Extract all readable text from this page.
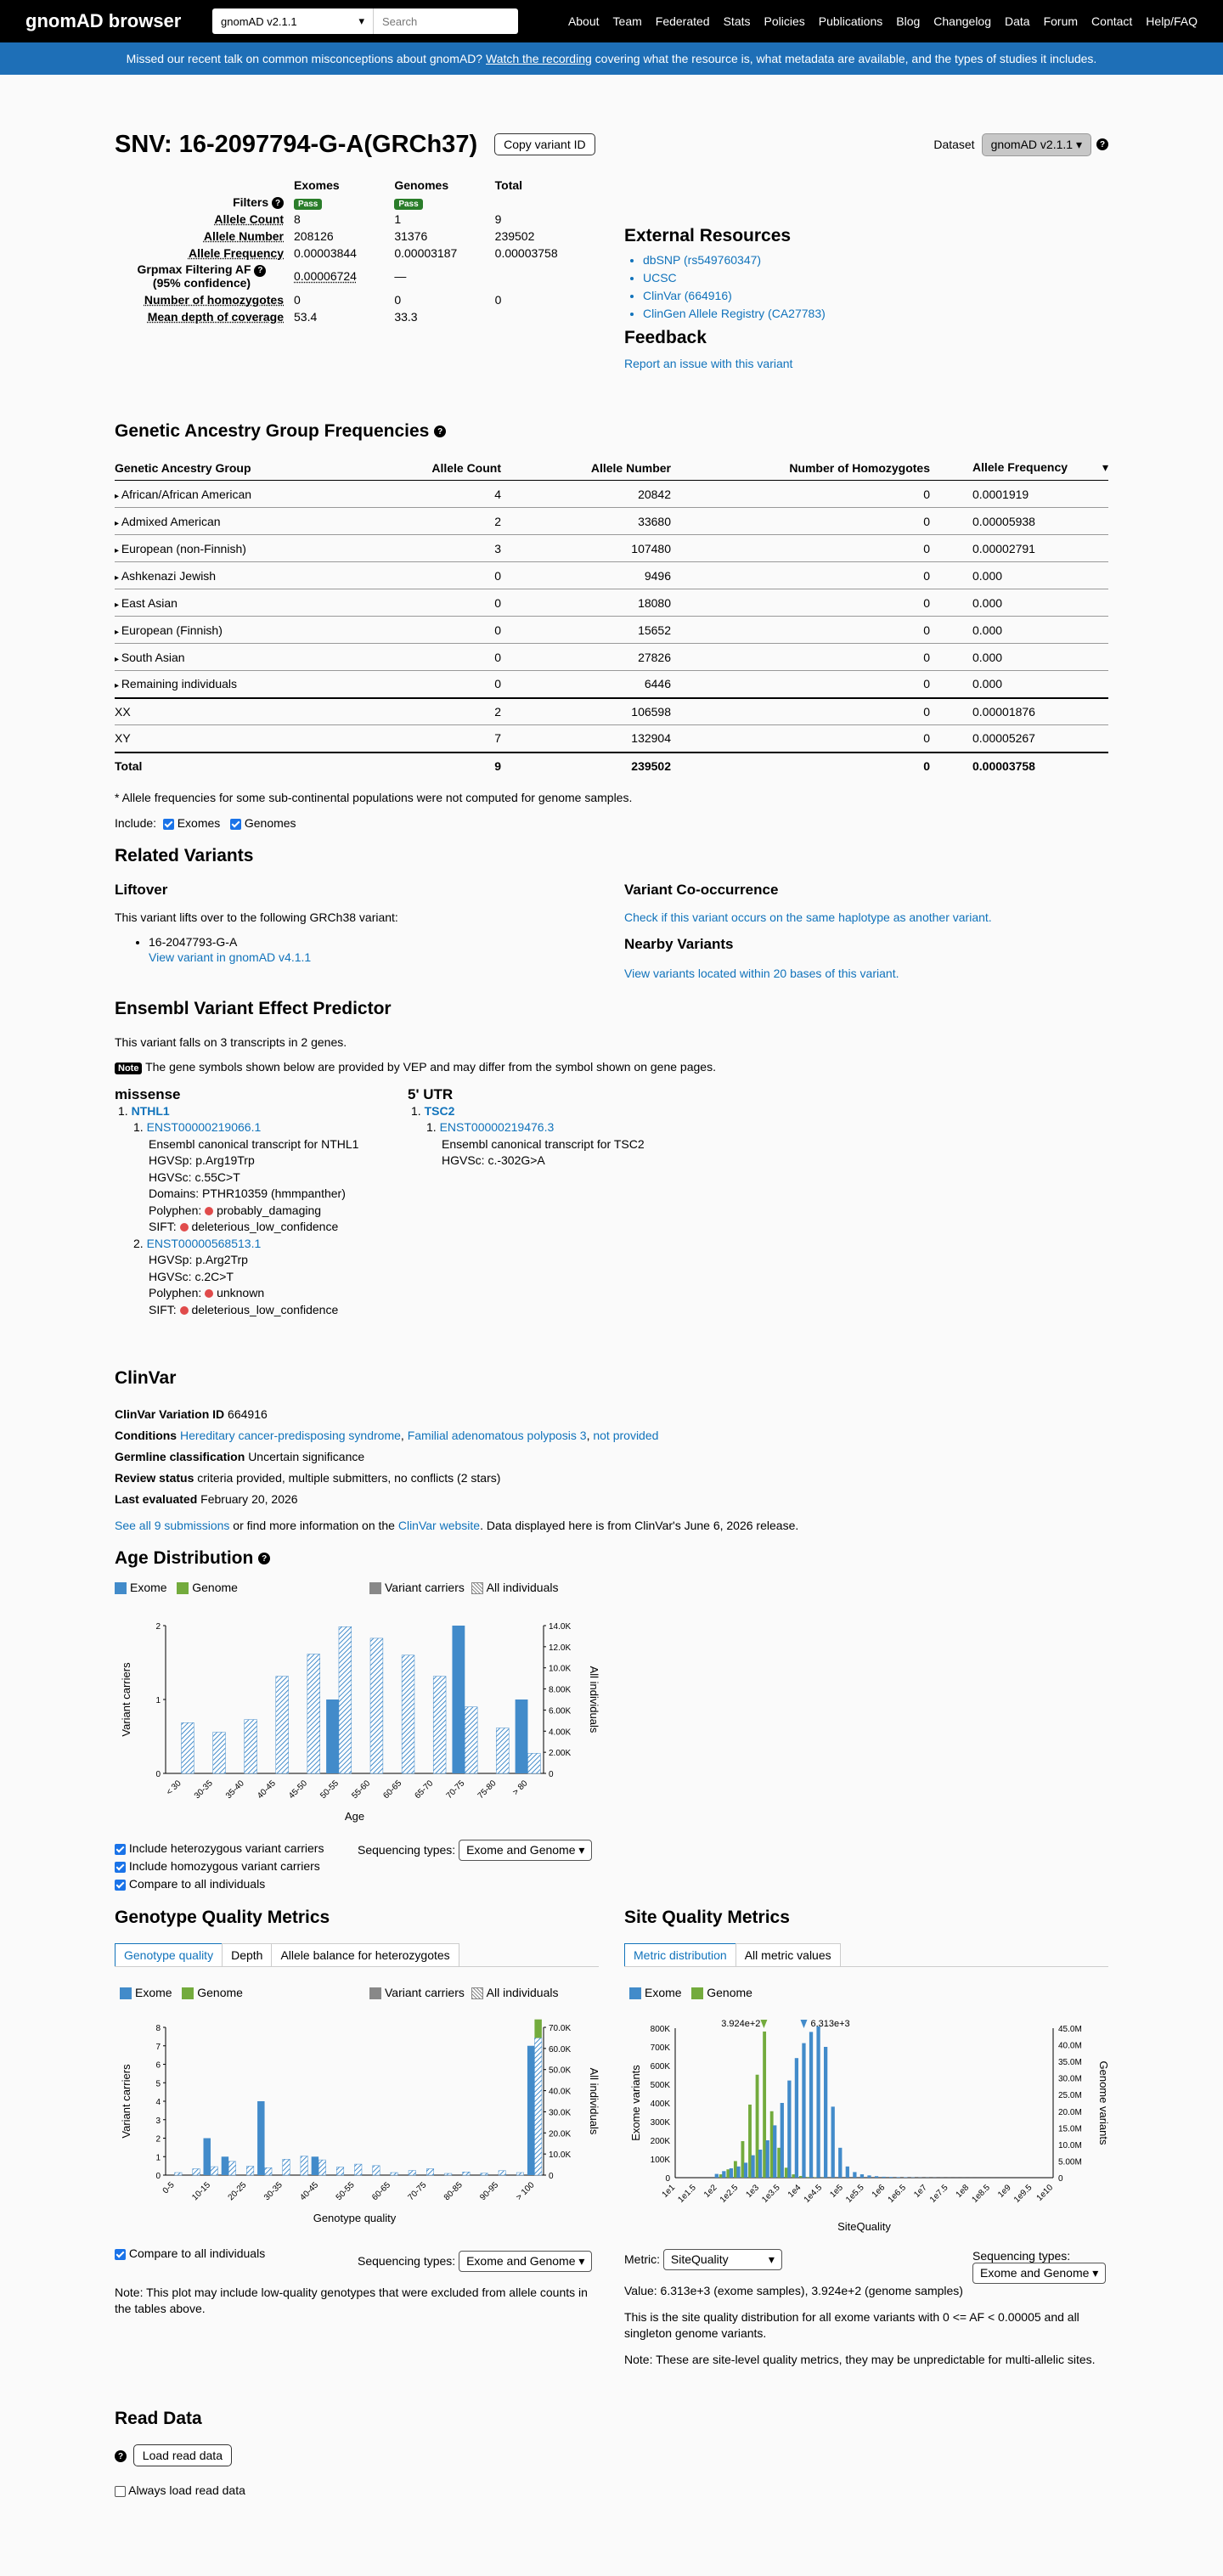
gnomAD browser	gnomAD v2.1.1	▾	Search	About Team Federated Stats Policies Publications Blog Changelog Data Forum Contact Help/FAQ
Missed our recent talk on common misconceptions about gnomAD?
Watch the recording
covering what the resource is, what metadata are available, and the types of studies it includes.
SNV: 16-2097794-G-A(GRCh37)	Copy variant ID	Dataset	gnomAD v2.1.1 ▾	?
	Exomes	Genomes	Total
Filters ?	Pass	Pass	
Allele Count	8	1	9
Allele Number	208126	31376	239502
Allele Frequency	0.00003844	0.00003187	0.00003758
Grpmax Filtering AF ?
(95% confidence)	0.00006724	—	
Number of homozygotes	0	0	0
Mean depth of coverage	53.4	33.3	
External Resources
• dbSNP (rs549760347)
• UCSC
• ClinVar (664916)
• ClinGen Allele Registry (CA27783)
Feedback
Report an issue with this variant
Genetic Ancestry Group Frequencies ?
Genetic Ancestry Group	Allele Count	Allele Number	Number of Homozygotes	Allele Frequency ▾

▸ African/African American	4	20842	0	0.0001919
▸ Admixed American	2	33680	0	0.00005938
▸ European (non-Finnish)	3	107480	0	0.00002791
▸ Ashkenazi Jewish	0	9496	0	0.000
▸ East Asian	0	18080	0	0.000
▸ European (Finnish)	0	15652	0	0.000
▸ South Asian	0	27826	0	0.000
▸ Remaining individuals	0	6446	0	0.000
XX	2	106598	0	0.00001876
XY	7	132904	0	0.00005267
Total	9	239502	0	0.00003758
* Allele frequencies for some sub-continental populations were not computed for genome samples.
Include: Exomes Genomes
Related Variants
Liftover
This variant lifts over to the following GRCh38 variant:
• 16-2047793-G-A
View variant in gnomAD v4.1.1
Variant Co-occurrence
Check if this variant occurs on the same haplotype as another variant.
Nearby Variants
View variants located within 20 bases of this variant.
Ensembl Variant Effect Predictor
This variant falls on 3 transcripts in 2 genes.
Note The gene symbols shown below are provided by VEP and may differ from the symbol shown on gene pages.
missense
1. NTHL1
1. ENST00000219066.1
Ensembl canonical transcript for NTHL1
HGVSp: p.Arg19Trp
HGVSc: c.55C>T
Domains: PTHR10359 (hmmpanther)
Polyphen: probably_damaging
SIFT: deleterious_low_confidence
2. ENST00000568513.1
HGVSp: p.Arg2Trp
HGVSc: c.2C>T
Polyphen: unknown
SIFT: deleterious_low_confidence
5' UTR
1. TSC2
1. ENST00000219476.3
Ensembl canonical transcript for TSC2
HGVSc: c.-302G>A
ClinVar
ClinVar Variation ID 664916
Conditions Hereditary cancer-predisposing syndrome, Familial adenomatous polyposis 3, not provided
Germline classification Uncertain significance
Review status criteria provided, multiple submitters, no conflicts (2 stars)
Last evaluated February 20, 2026
See all 9 submissions or find more information on the ClinVar website. Data displayed here is from ClinVar's June 6, 2026 release.
Age Distribution ?
Exome Genome	Variant carriers All individuals
0
1
2
0
2.00K
4.00K
6.00K
8.00K
10.0K
12.0K
14.0K
< 30 30-35 35-40 40-45 45-50 50-55 55-60 60-65 65-70 70-75 75-80 > 80
Age
Variant carriers	All individuals
Include heterozygous variant carriers
Include homozygous variant carriers
Compare to all individuals
Sequencing types: Exome and Genome ▾
Genotype Quality Metrics
Genotype quality	Depth	Allele balance for heterozygotes
Exome Genome	Variant carriers All individuals
0
1
2
3
4
5
6
7
8
0
10.0K
20.0K
30.0K
40.0K
50.0K
60.0K
70.0K
0-5 10-15 20-25 30-35 40-45 50-55 60-65 70-75 80-85 90-95 > 100
Genotype quality
Variant carriers	All individuals
Compare to all individuals
Sequencing types: Exome and Genome ▾
Note: This plot may include low-quality genotypes that were excluded from allele counts in the tables above.
Site Quality Metrics
Metric distribution	All metric values
Exome Genome
0
100K
200K
300K
400K
500K
600K
700K
800K
0
5.00M
10.0M
15.0M
20.0M
25.0M
30.0M
35.0M
40.0M
45.0M
1e1 1e1.5 1e2 1e2.5 1e3 1e3.5 1e4 1e4.5 1e5 1e5.5 1e6 1e6.5 1e7 1e7.5 1e8 1e8.5 1e9 1e9.5 1e10
3.924e+2	6.313e+3
SiteQuality
Exome variants	Genome variants
Metric: SiteQuality	▾	Sequencing types: Exome and Genome ▾
Value: 6.313e+3 (exome samples), 3.924e+2 (genome samples)
This is the site quality distribution for all exome variants with 0 <= AF < 0.00005 and all singleton genome variants.
Note: These are site-level quality metrics, they may be unpredictable for multi-allelic sites.
Read Data
? Load read data
Always load read data
